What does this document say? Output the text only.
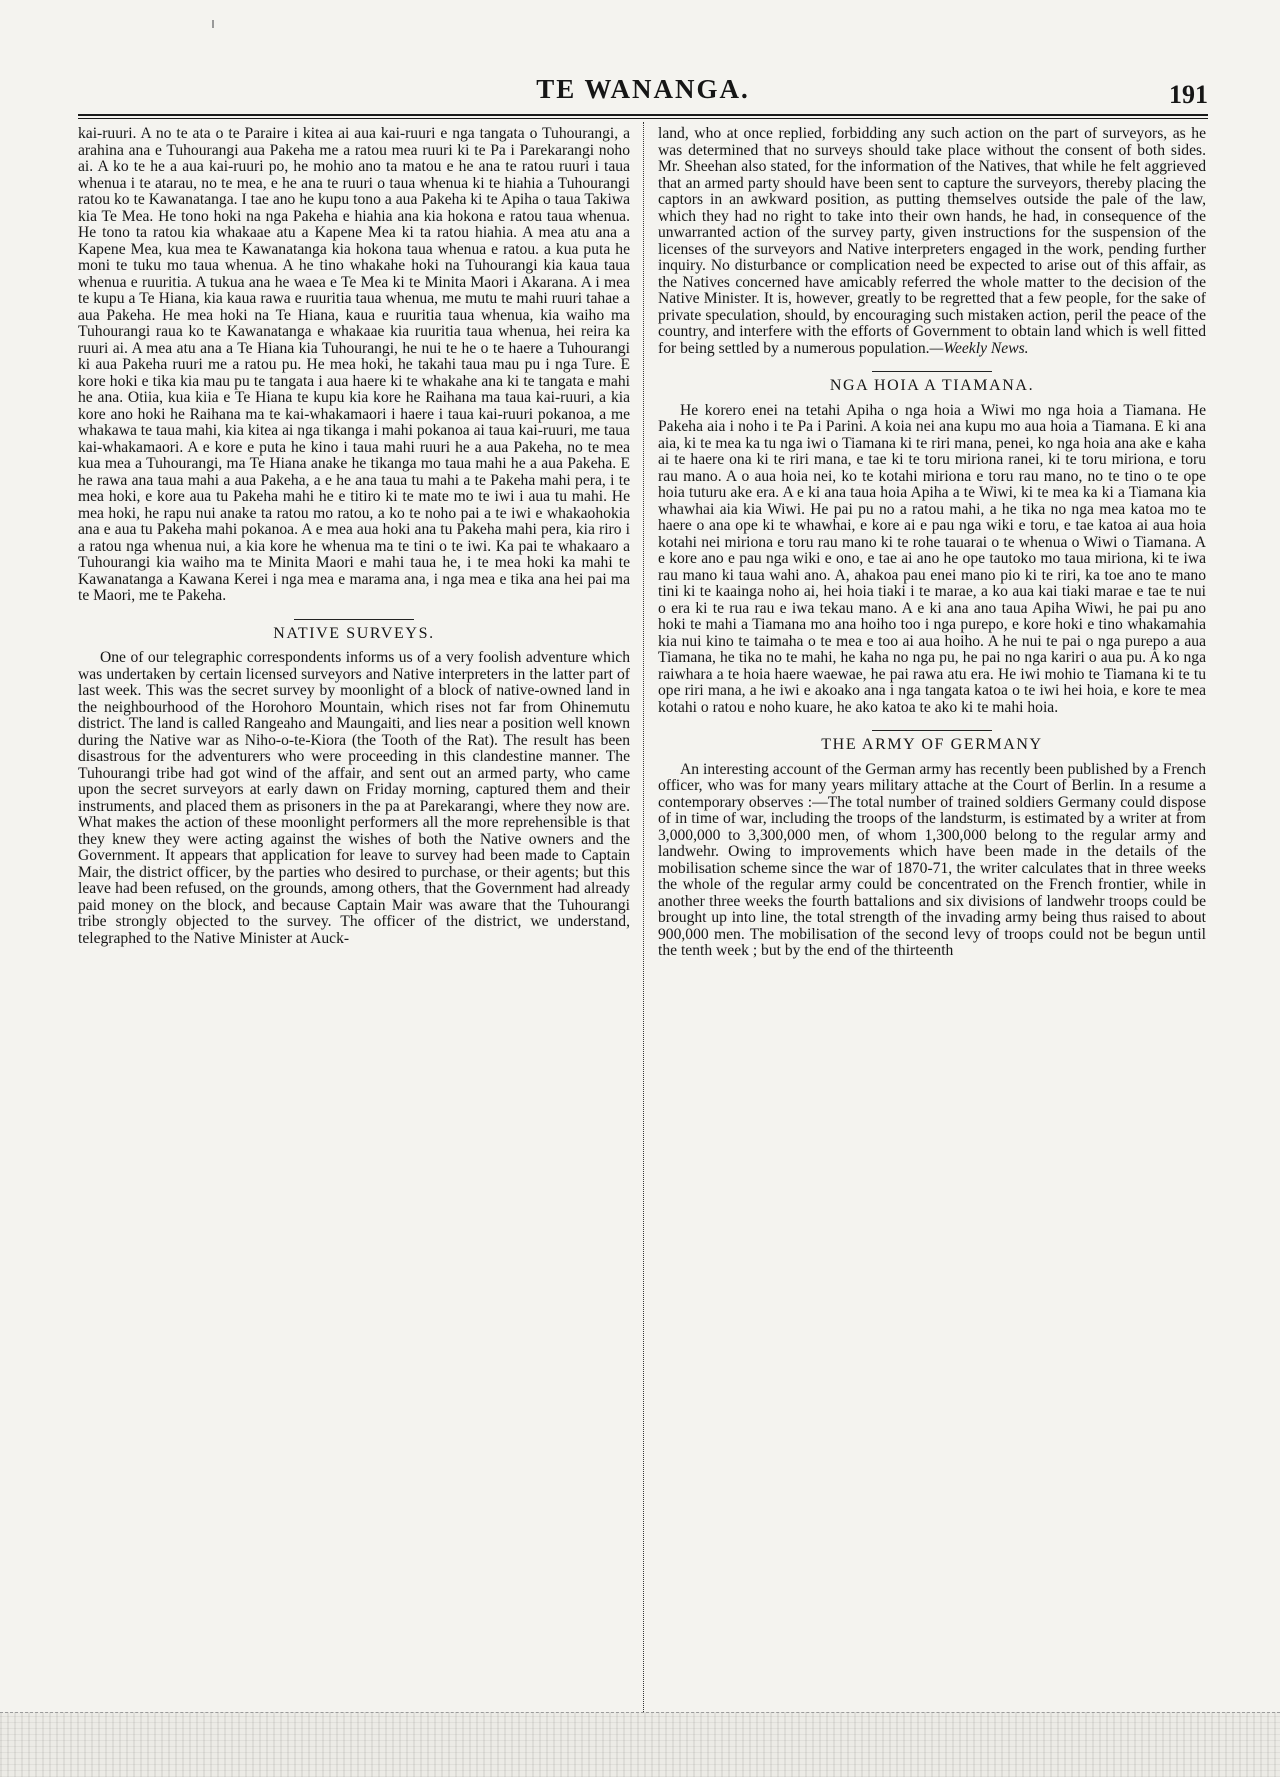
TE WANANGA.	191

kai-ruuri. A no te ata o te Paraire i kitea ai aua kai-ruuri e nga tangata o Tuhourangi, a arahina ana e Tuhourangi aua Pakeha me a ratou mea ruuri ki te Pa i Parekarangi noho ai. A ko te he a aua kai-ruuri po, he mohio ano ta matou e he ana te ratou ruuri i taua whenua i te atarau, no te mea, e he ana te ruuri o taua whenua ki te hiahia a Tuhourangi ratou ko te Kawanatanga. I tae ano he kupu tono a aua Pakeha ki te Apiha o taua Takiwa kia Te Mea. He tono hoki na nga Pakeha e hiahia ana kia hokona e ratou taua whenua. He tono ta ratou kia whakaae atu a Kapene Mea ki ta ratou hiahia. A mea atu ana a Kapene Mea, kua mea te Kawanatanga kia hokona taua whenua e ratou. a kua puta he moni te tuku mo taua whenua. A he tino whakahe hoki na Tuhourangi kia kaua taua whenua e ruuritia. A tukua ana he waea e Te Mea ki te Minita Maori i Akarana. A i mea te kupu a Te Hiana, kia kaua rawa e ruuritia taua whenua, me mutu te mahi ruuri tahae a aua Pakeha. He mea hoki na Te Hiana, kaua e ruuritia taua whenua, kia waiho ma Tuhourangi raua ko te Kawanatanga e whakaae kia ruuritia taua whenua, hei reira ka ruuri ai. A mea atu ana a Te Hiana kia Tuhourangi, he nui te he o te haere a Tuhourangi ki aua Pakeha ruuri me a ratou pu. He mea hoki, he takahi taua mau pu i nga Ture. E kore hoki e tika kia mau pu te tangata i aua haere ki te whakahe ana ki te tangata e mahi he ana. Otiia, kua kiia e Te Hiana te kupu kia kore he Raihana ma taua kai-ruuri, a kia kore ano hoki he Raihana ma te kai-whakamaori i haere i taua kai-ruuri pokanoa, a me whakawa te taua mahi, kia kitea ai nga tikanga i mahi pokanoa ai taua kai-ruuri, me taua kai-whakamaori. A e kore e puta he kino i taua mahi ruuri he a aua Pakeha, no te mea kua mea a Tuhourangi, ma Te Hiana anake he tikanga mo taua mahi he a aua Pakeha. E he rawa ana taua mahi a aua Pakeha, a e he ana taua tu mahi a te Pakeha mahi pera, i te mea hoki, e kore aua tu Pakeha mahi he e titiro ki te mate mo te iwi i aua tu mahi. He mea hoki, he rapu nui anake ta ratou mo ratou, a ko te noho pai a te iwi e whakaohokia ana e aua tu Pakeha mahi pokanoa. A e mea aua hoki ana tu Pakeha mahi pera, kia riro i a ratou nga whenua nui, a kia kore he whenua ma te tini o te iwi. Ka pai te whakaaro a Tuhourangi kia waiho ma te Minita Maori e mahi taua he, i te mea hoki ka mahi te Kawanatanga a Kawana Kerei i nga mea e marama ana, i nga mea e tika ana hei pai ma te Maori, me te Pakeha.

NATIVE SURVEYS.

One of our telegraphic correspondents informs us of a very foolish adventure which was undertaken by certain licensed surveyors and Native interpreters in the latter part of last week. This was the secret survey by moonlight of a block of native-owned land in the neighbourhood of the Horohoro Mountain, which rises not far from Ohinemutu district. The land is called Rangeaho and Maungaiti, and lies near a position well known during the Native war as Niho-o-te-Kiora (the Tooth of the Rat). The result has been disastrous for the adventurers who were proceeding in this clandestine manner. The Tuhourangi tribe had got wind of the affair, and sent out an armed party, who came upon the secret surveyors at early dawn on Friday morning, captured them and their instruments, and placed them as prisoners in the pa at Parekarangi, where they now are. What makes the action of these moonlight performers all the more reprehensible is that they knew they were acting against the wishes of both the Native owners and the Government. It appears that application for leave to survey had been made to Captain Mair, the district officer, by the parties who desired to purchase, or their agents; but this leave had been refused, on the grounds, among others, that the Government had already paid money on the block, and because Captain Mair was aware that the Tuhourangi tribe strongly objected to the survey. The officer of the district, we understand, telegraphed to the Native Minister at Auck-

land, who at once replied, forbidding any such action on the part of surveyors, as he was determined that no surveys should take place without the consent of both sides. Mr. Sheehan also stated, for the information of the Natives, that while he felt aggrieved that an armed party should have been sent to capture the surveyors, thereby placing the captors in an awkward position, as putting themselves outside the pale of the law, which they had no right to take into their own hands, he had, in consequence of the unwarranted action of the survey party, given instructions for the suspension of the licenses of the surveyors and Native interpreters engaged in the work, pending further inquiry. No disturbance or complication need be expected to arise out of this affair, as the Natives concerned have amicably referred the whole matter to the decision of the Native Minister. It is, however, greatly to be regretted that a few people, for the sake of private speculation, should, by encouraging such mistaken action, peril the peace of the country, and interfere with the efforts of Government to obtain land which is well fitted for being settled by a numerous population.—Weekly News.

NGA HOIA A TIAMANA.

He korero enei na tetahi Apiha o nga hoia a Wiwi mo nga hoia a Tiamana. He Pakeha aia i noho i te Pa i Parini. A koia nei ana kupu mo aua hoia a Tiamana. E ki ana aia, ki te mea ka tu nga iwi o Tiamana ki te riri mana, penei, ko nga hoia ana ake e kaha ai te haere ona ki te riri mana, e tae ki te toru miriona ranei, ki te toru miriona, e toru rau mano. A o aua hoia nei, ko te kotahi miriona e toru rau mano, no te tino o te ope hoia tuturu ake era. A e ki ana taua hoia Apiha a te Wiwi, ki te mea ka ki a Tiamana kia whawhai aia kia Wiwi. He pai pu no a ratou mahi, a he tika no nga mea katoa mo te haere o ana ope ki te whawhai, e kore ai e pau nga wiki e toru, e tae katoa ai aua hoia kotahi nei miriona e toru rau mano ki te rohe tauarai o te whenua o Wiwi o Tiamana. A e kore ano e pau nga wiki e ono, e tae ai ano he ope tautoko mo taua miriona, ki te iwa rau mano ki taua wahi ano. A, ahakoa pau enei mano pio ki te riri, ka toe ano te mano tini ki te kaainga noho ai, hei hoia tiaki i te marae, a ko aua kai tiaki marae e tae te nui o era ki te rua rau e iwa tekau mano. A e ki ana ano taua Apiha Wiwi, he pai pu ano hoki te mahi a Tiamana mo ana hoiho too i nga purepo, e kore hoki e tino whakamahia kia nui kino te taimaha o te mea e too ai aua hoiho. A he nui te pai o nga purepo a aua Tiamana, he tika no te mahi, he kaha no nga pu, he pai no nga kariri o aua pu. A ko nga raiwhara a te hoia haere waewae, he pai rawa atu era. He iwi mohio te Tiamana ki te tu ope riri mana, a he iwi e akoako ana i nga tangata katoa o te iwi hei hoia, e kore te mea kotahi o ratou e noho kuare, he ako katoa te ako ki te mahi hoia.

THE ARMY OF GERMANY

An interesting account of the German army has recently been published by a French officer, who was for many years military attache at the Court of Berlin. In a resume a contemporary observes :—The total number of trained soldiers Germany could dispose of in time of war, including the troops of the landsturm, is estimated by a writer at from 3,000,000 to 3,300,000 men, of whom 1,300,000 belong to the regular army and landwehr. Owing to improvements which have been made in the details of the mobilisation scheme since the war of 1870-71, the writer calculates that in three weeks the whole of the regular army could be concentrated on the French frontier, while in another three weeks the fourth battalions and six divisions of landwehr troops could be brought up into line, the total strength of the invading army being thus raised to about 900,000 men. The mobilisation of the second levy of troops could not be begun until the tenth week ; but by the end of the thirteenth
